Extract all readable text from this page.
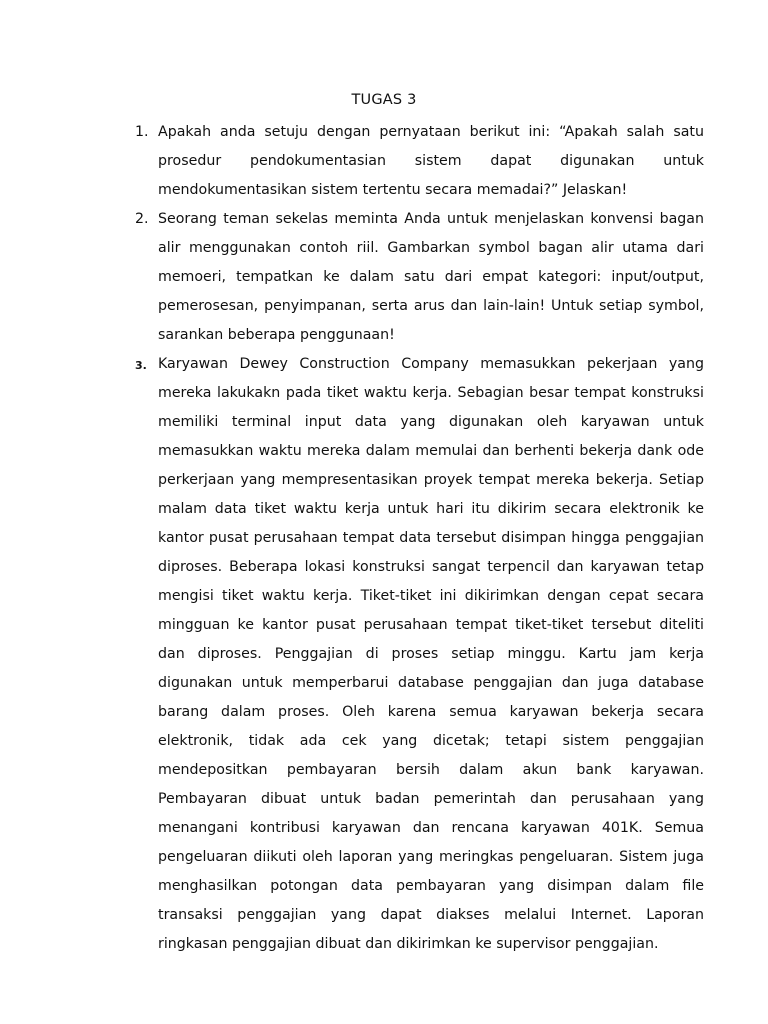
TUGAS 3
1. Apakah anda setuju dengan pernyataan berikut ini: “Apakah salah satu prosedur pendokumentasian sistem dapat digunakan untuk mendokumentasikan sistem tertentu secara memadai?” Jelaskan!

2. Seorang teman sekelas meminta Anda untuk menjelaskan konvensi bagan alir menggunakan contoh riil. Gambarkan symbol bagan alir utama dari memoeri, tempatkan ke dalam satu dari empat kategori: input/output, pemerosesan, penyimpanan, serta arus dan lain-lain! Untuk setiap symbol, sarankan beberapa penggunaan!

3. Karyawan Dewey Construction Company memasukkan pekerjaan yang mereka lakukakn pada tiket waktu kerja. Sebagian besar tempat konstruksi memiliki terminal input data yang digunakan oleh karyawan untuk memasukkan waktu mereka dalam memulai dan berhenti bekerja dank ode perkerjaan yang mempresentasikan proyek tempat mereka bekerja. Setiap malam data tiket waktu kerja untuk hari itu dikirim secara elektronik ke kantor pusat perusahaan tempat data tersebut disimpan hingga penggajian diproses. Beberapa lokasi konstruksi sangat terpencil dan karyawan tetap mengisi tiket waktu kerja. Tiket-tiket ini dikirimkan dengan cepat secara mingguan ke kantor pusat perusahaan tempat tiket-tiket tersebut diteliti dan diproses. Penggajian di proses setiap minggu. Kartu jam kerja digunakan untuk memperbarui database penggajian dan juga database barang dalam proses. Oleh karena semua karyawan bekerja secara elektronik, tidak ada cek yang dicetak; tetapi sistem penggajian mendepositkan pembayaran bersih dalam akun bank karyawan. Pembayaran dibuat untuk badan pemerintah dan perusahaan yang menangani kontribusi karyawan dan rencana karyawan 401K. Semua pengeluaran diikuti oleh laporan yang meringkas pengeluaran. Sistem juga menghasilkan potongan data pembayaran yang disimpan dalam file transaksi penggajian yang dapat diakses melalui Internet. Laporan ringkasan penggajian dibuat dan dikirimkan ke supervisor penggajian.
